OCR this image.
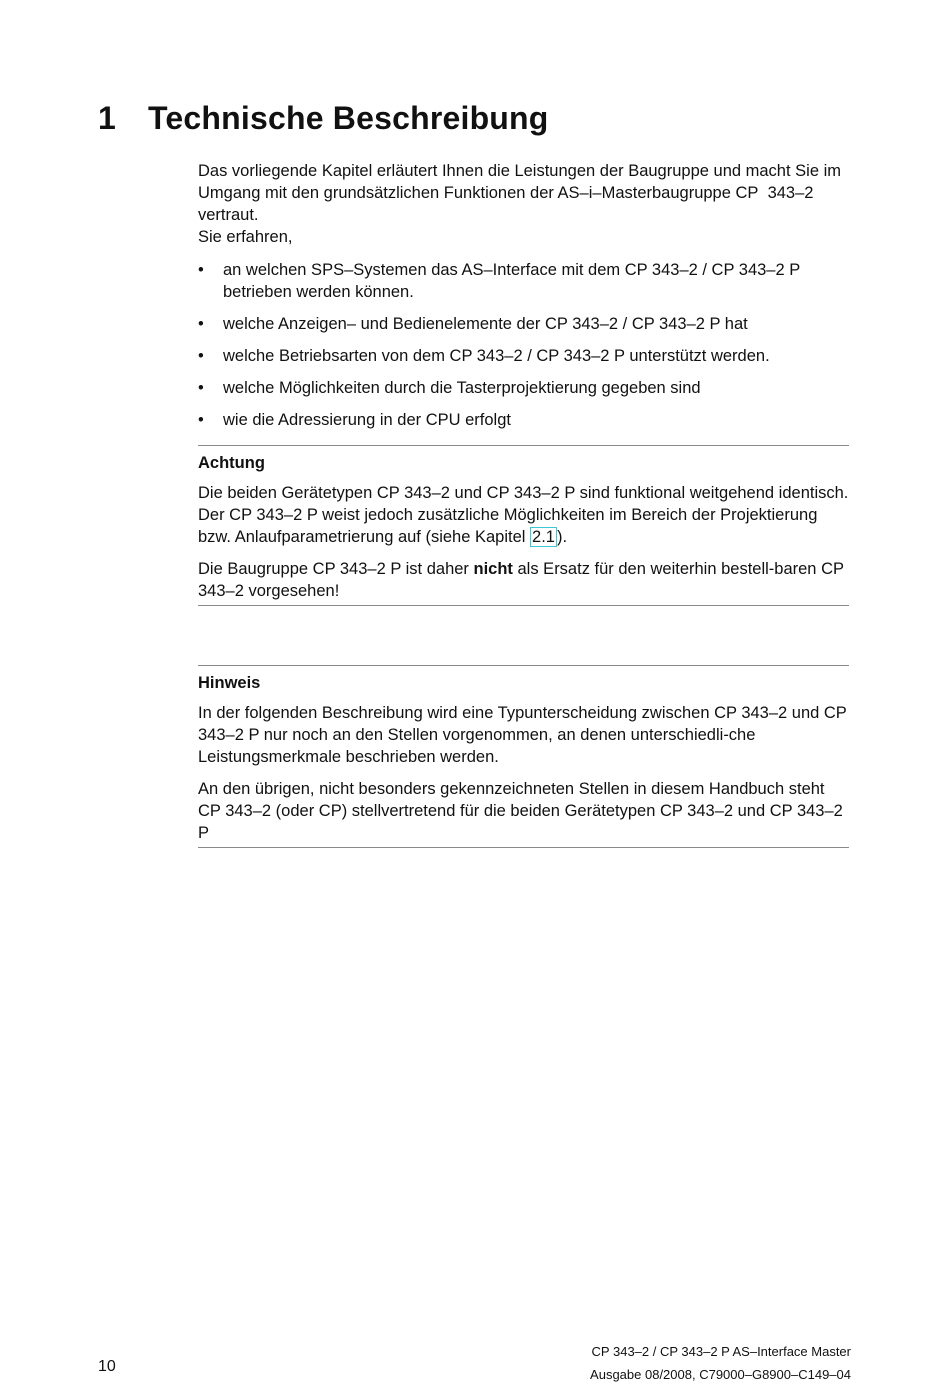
1 Technische Beschreibung

Das vorliegende Kapitel erläutert Ihnen die Leistungen der Baugruppe und macht Sie im Umgang mit den grundsätzlichen Funktionen der AS–i–Masterbaugruppe CP  343–2 vertraut.

Sie erfahren,

• an welchen SPS–Systemen das AS–Interface mit dem CP 343–2 / CP 343–2 P betrieben werden können.
• welche Anzeigen– und Bedienelemente der CP 343–2 / CP 343–2 P hat
• welche Betriebsarten von dem CP 343–2 / CP 343–2 P unterstützt werden.
• welche Möglichkeiten durch die Tasterprojektierung gegeben sind
• wie die Adressierung in der CPU erfolgt
Achtung

Die beiden Gerätetypen CP 343–2 und CP 343–2 P sind funktional weitgehend identisch. Der CP 343–2 P weist jedoch zusätzliche Möglichkeiten im Bereich der Projektierung bzw. Anlaufparametrierung auf (siehe Kapitel 2.1 ).

Die Baugruppe CP 343–2 P ist daher nicht als Ersatz für den weiterhin bestell-baren CP 343–2 vorgesehen!

Hinweis

In der folgenden Beschreibung wird eine Typunterscheidung zwischen CP 343–2 und CP 343–2 P nur noch an den Stellen vorgenommen, an denen unterschiedli-che Leistungsmerkmale beschrieben werden.

An den übrigen, nicht besonders gekennzeichneten Stellen in diesem Handbuch steht CP 343–2 (oder CP) stellvertretend für die beiden Gerätetypen CP 343–2 und CP 343–2 P

10
CP 343–2 / CP 343–2 P AS–Interface Master
Ausgabe 08/2008, C79000–G8900–C149–04
